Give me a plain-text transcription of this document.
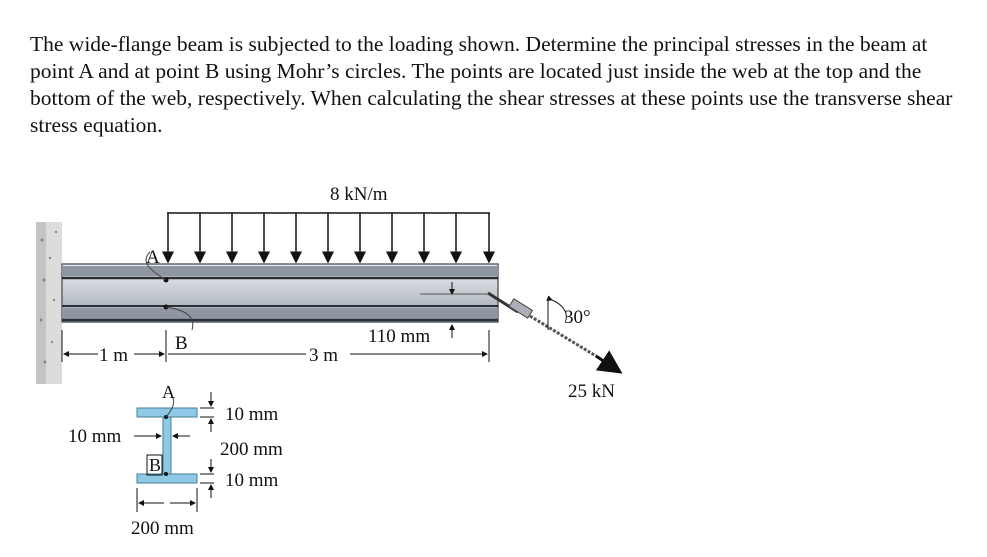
The wide-flange beam is subjected to the loading shown. Determine the principal stresses in the beam at point A and at point B using Mohr’s circles. The points are located just inside the web at the top and the bottom of the web, respectively. When calculating the shear stresses at these points use the transverse shear stress equation.

8 kN/m
A
B
30°
25 kN
1 m	3 m
110 mm
A
B
10 mm
200 mm
10 mm
10 mm
200 mm
